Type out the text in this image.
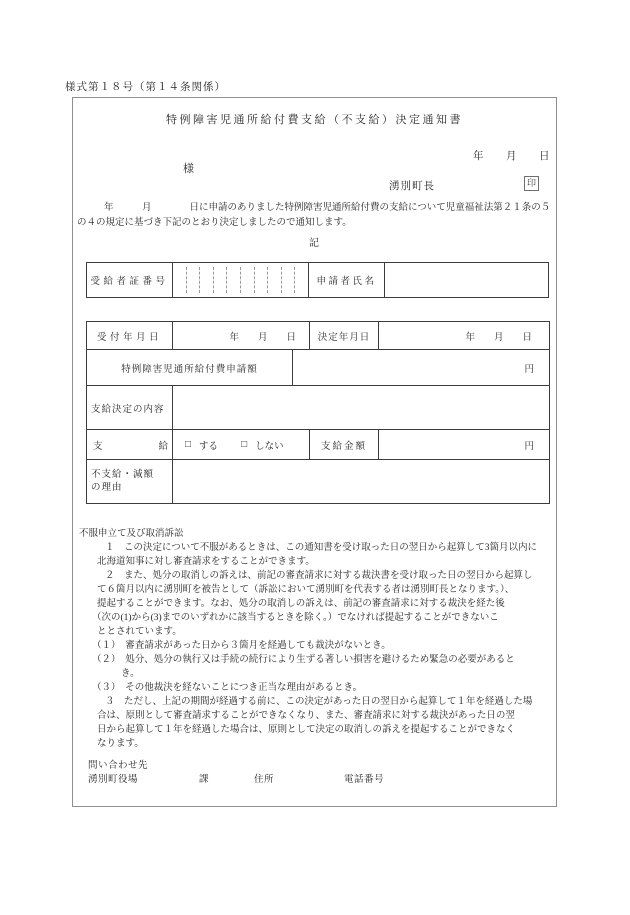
様式第１８号（第１４条関係）
特例障害児通所給付費支給（不支給）決定通知書
年　　月　　日
様
湧別町長	印
年　　　月　　　　日に申請のありました特例障害児通所給付費の支給について児童福祉法第２１条の５
の４の規定に基づき下記のとおり決定しましたので通知します。
記
受給者証番号	申請者氏名
受付年月日	年　　月　　日	決定年月日	年　　月　　日
特例障害児通所給付費申請額	円
支給決定の内容
支	給 □ する □ しない	支給金額	円
不支給・減額
の理由
不服申立て及び取消訴訟
１　この決定について不服があるときは、この通知書を受け取った日の翌日から起算して3箇月以内に
北海道知事に対し審査請求をすることができます。
２　また、処分の取消しの訴えは、前記の審査請求に対する裁決書を受け取った日の翌日から起算し
て６箇月以内に湧別町を被告として（訴訟において湧別町を代表する者は湧別町長となります。）、
提起することができます。なお、処分の取消しの訴えは、前記の審査請求に対する裁決を経た後
（次の(1)から(3)までのいずれかに該当するときを除く。）でなければ提起することができないこ
ととされています。
（１）　審査請求があった日から３箇月を経過しても裁決がないとき。
（２）　処分、処分の執行又は手続の続行により生ずる著しい損害を避けるため緊急の必要があると
き。
（３）　その他裁決を経ないことにつき正当な理由があるとき。
３　ただし、上記の期間が経過する前に、この決定があった日の翌日から起算して１年を経過した場
合は、原則として審査請求することができなくなり、また、審査請求に対する裁決があった日の翌
日から起算して１年を経過した場合は、原則として決定の取消しの訴えを提起することができなく
なります。
問い合わせ先
湧別町役場	課	住所	電話番号
